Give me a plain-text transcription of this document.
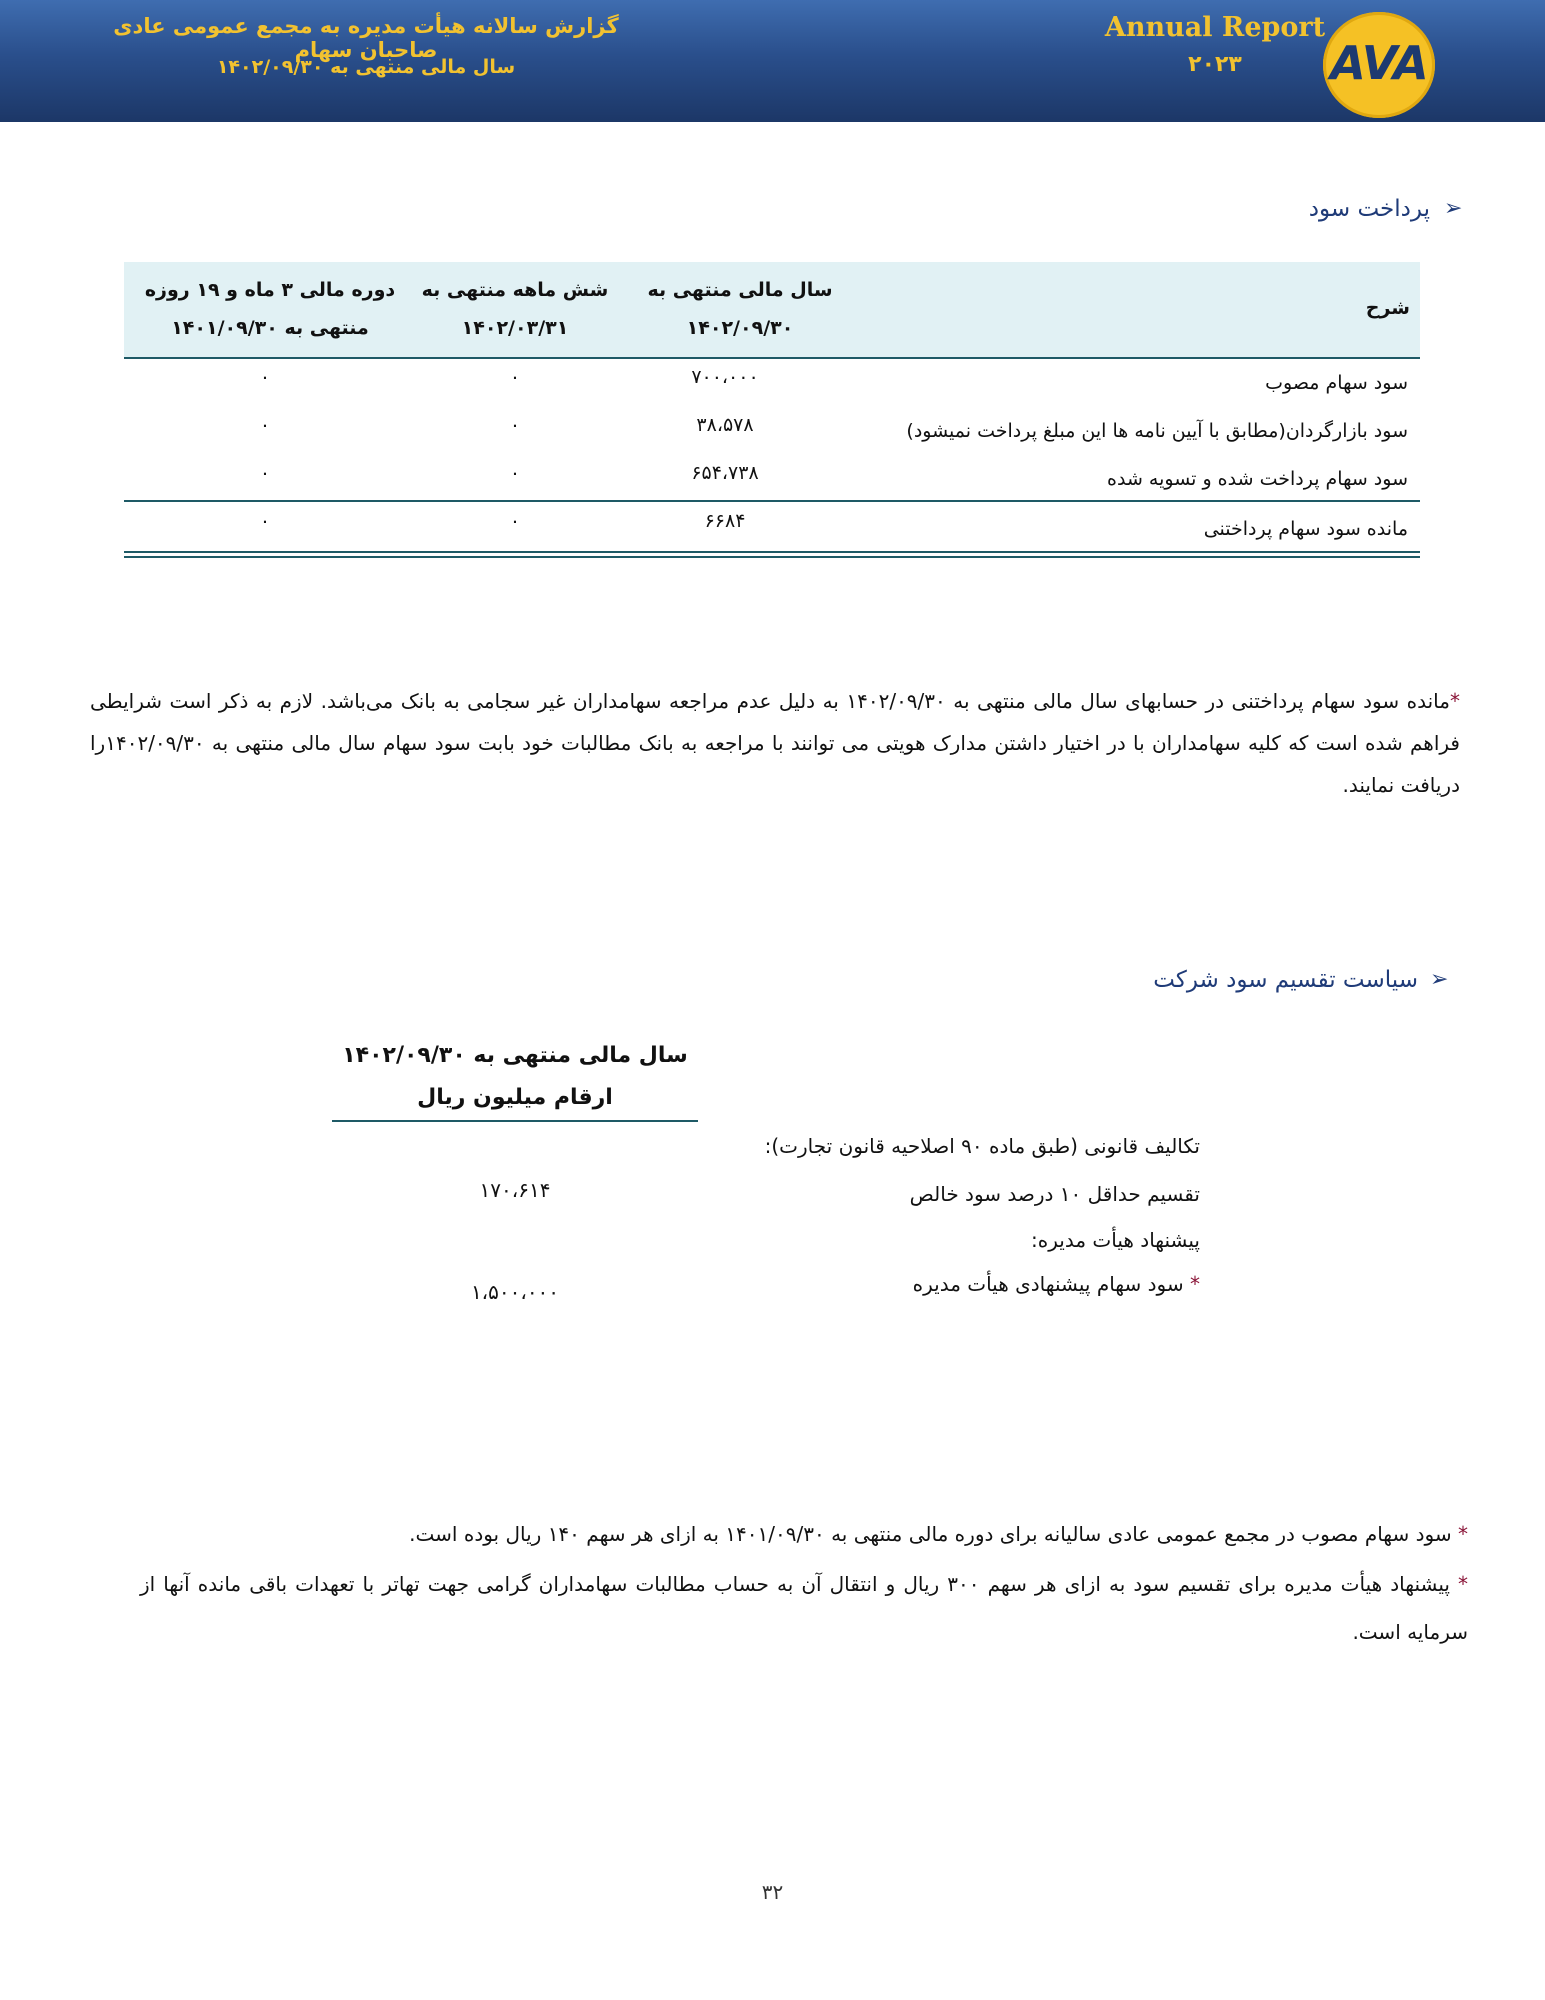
گزارش سالانه هیأت مدیره به مجمع عمومی عادی صاحبان سهام
سال مالی منتهی به ۱۴۰۲/۰۹/۳۰
Annual Report
۲۰۲۳	AVA
➢
پرداخت سود
شرح
سال مالی منتهی به
۱۴۰۲/۰۹/۳۰
شش ماهه منتهی به
۱۴۰۲/۰۳/۳۱
دوره مالی ۳ ماه و ۱۹ روزه
منتهی به ۱۴۰۱/۰۹/۳۰
سود سهام مصوب
۷۰۰،۰۰۰
۰
۰
سود بازارگردان(مطابق با آیین نامه ها این مبلغ پرداخت نمیشود)
۳۸،۵۷۸
۰
۰
سود سهام پرداخت شده و تسویه شده
۶۵۴،۷۳۸
۰
۰
مانده سود سهام پرداختنی
۶۶۸۴
۰
۰
*مانده سود سهام پرداختنی در حسابهای سال مالی منتهی به ۱۴۰۲/۰۹/۳۰ به دلیل عدم مراجعه سهامداران غیر سجامی به بانک می‌باشد. لازم به ذکر است شرایطی فراهم شده است که کلیه سهامداران با در اختیار داشتن مدارک هویتی می توانند با مراجعه به بانک مطالبات خود بابت سود سهام سال مالی منتهی به ۱۴۰۲/۰۹/۳۰را دریافت نمایند.
➢
سیاست تقسیم سود شرکت
سال مالی منتهی به ۱۴۰۲/۰۹/۳۰
ارقام میلیون ریال
تکالیف قانونی (طبق ماده ۹۰ اصلاحیه قانون تجارت):
تقسیم حداقل ۱۰ درصد سود خالص
۱۷۰،۶۱۴
پیشنهاد هیأت مدیره:
* سود سهام پیشنهادی هیأت مدیره
۱،۵۰۰،۰۰۰
* سود سهام مصوب در مجمع عمومی عادی سالیانه برای دوره مالی منتهی به ۱۴۰۱/۰۹/۳۰ به ازای هر سهم ۱۴۰ ریال بوده است.
* پیشنهاد هیأت مدیره برای تقسیم سود به ازای هر سهم ۳۰۰ ریال و انتقال آن به حساب مطالبات سهامداران گرامی جهت تهاتر با تعهدات باقی مانده آنها از سرمایه است.
۳۲
